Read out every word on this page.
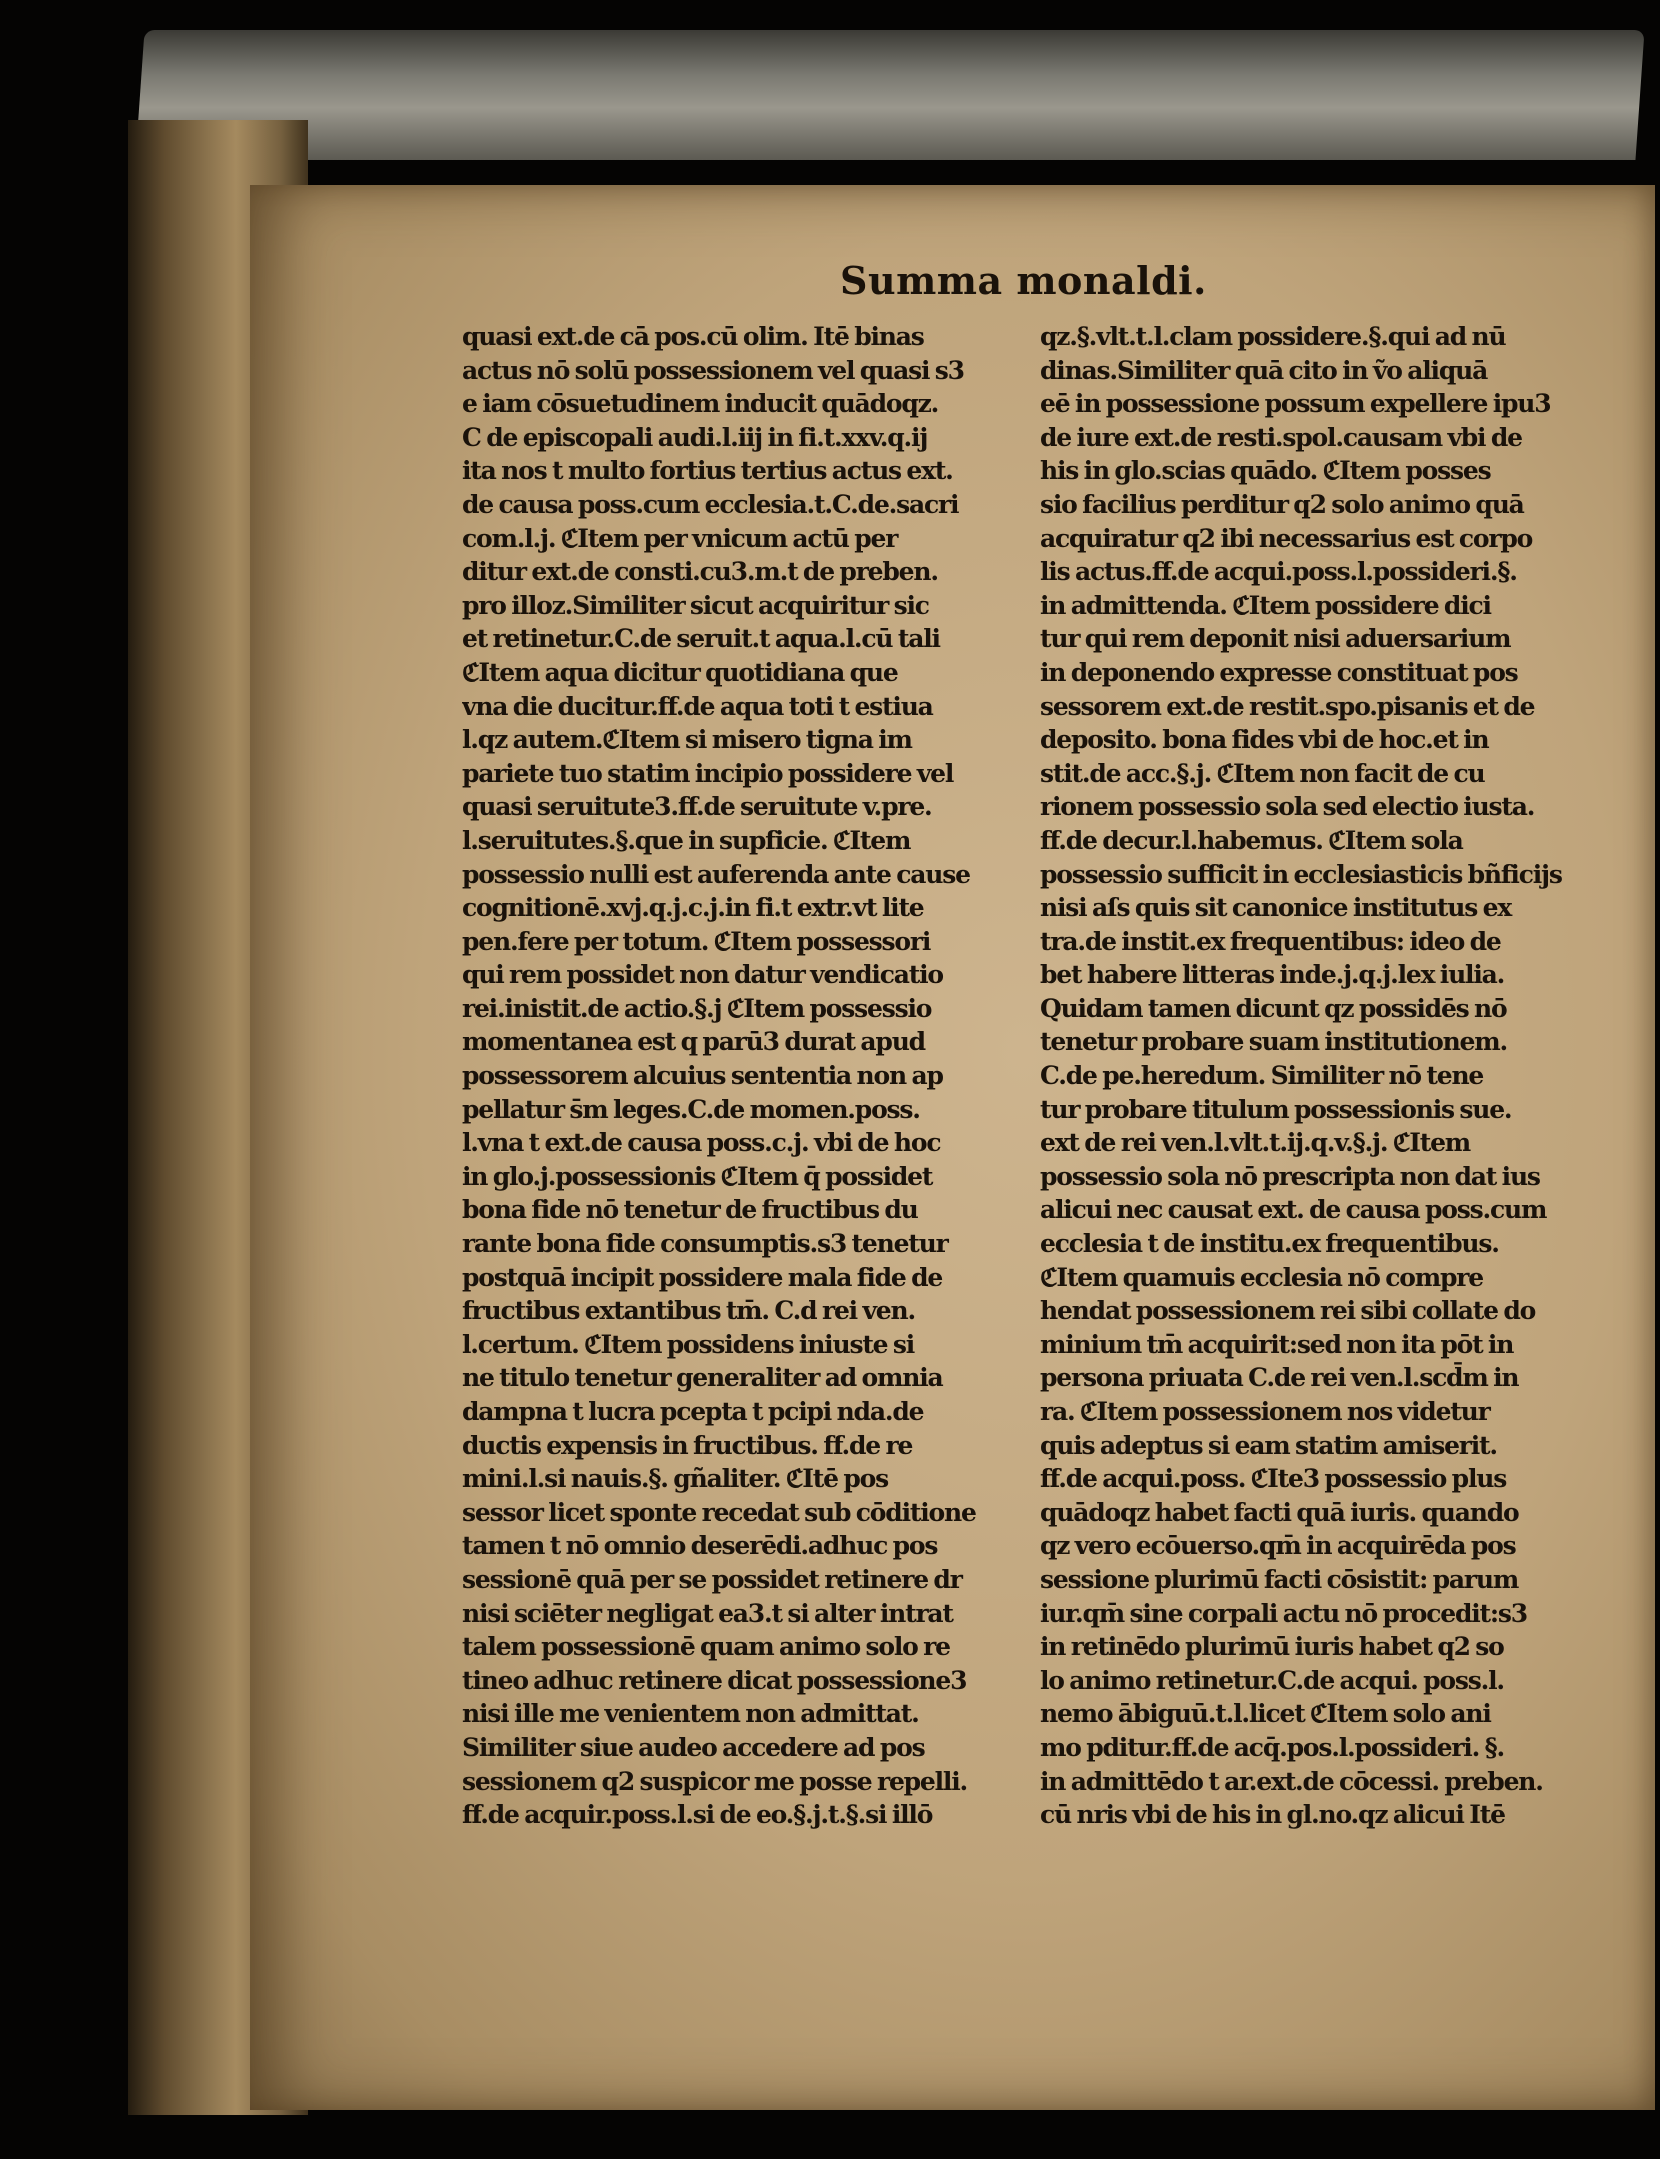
Summa monaldi.
quasi ext.de cā pos.cū olim. Itē binas
actus nō solū possessionem vel quasi s3
e iam cōsuetudinem inducit quādoqz.
C de episcopali audi.l.iij in fi.t.xxv.q.ij
ita nos t multo fortius tertius actus ext.
de causa poss.cum ecclesia.t.C.de.sacri
com.l.j. ℭItem per vnicum actū per
ditur ext.de consti.cu3.m.t de preben.
pro illoz.Similiter sicut acquiritur sic
et retinetur.C.de seruit.t aqua.l.cū tali
ℭItem aqua dicitur quotidiana que
vna die ducitur.ff.de aqua toti t estiua
l.qz autem.ℭItem si misero tigna im
pariete tuo statim incipio possidere vel
quasi seruitute3.ff.de seruitute v.pre.
l.seruitutes.§.que in supficie. ℭItem
possessio nulli est auferenda ante cause
cognitionē.xvj.q.j.c.j.in fi.t extr.vt lite
pen.fere per totum. ℭItem possessori
qui rem possidet non datur vendicatio
rei.inistit.de actio.§.j ℭItem possessio
momentanea est q parū3 durat apud
possessorem alcuius sententia non ap
pellatur s̄m leges.C.de momen.poss.
l.vna t ext.de causa poss.c.j. vbi de hoc
in glo.j.possessionis ℭItem q̄ possidet
bona fide nō tenetur de fructibus du
rante bona fide consumptis.s3 tenetur
postquā incipit possidere mala fide de
fructibus extantibus tm̄. C.d rei ven.
l.certum. ℭItem possidens iniuste si
ne titulo tenetur generaliter ad omnia
dampna t lucra pcepta t pcipi nda.de
ductis expensis in fructibus. ff.de re
mini.l.si nauis.§. gñaliter. ℭItē pos
sessor licet sponte recedat sub cōditione
tamen t nō omnio deserēdi.adhuc pos
sessionē quā per se possidet retinere dr
nisi sciēter negligat ea3.t si alter intrat
talem possessionē quam animo solo re
tineo adhuc retinere dicat possessione3
nisi ille me venientem non admittat.
Similiter siue audeo accedere ad pos
sessionem q2 suspicor me posse repelli.
ff.de acquir.poss.l.si de eo.§.j.t.§.si illō
qz.§.vlt.t.l.clam possidere.§.qui ad nū
dinas.Similiter quā cito in ṽo aliquā
eē in possessione possum expellere ipu3
de iure ext.de resti.spol.causam vbi de
his in glo.scias quādo. ℭItem posses
sio facilius perditur q2 solo animo quā
acquiratur q2 ibi necessarius est corpo
lis actus.ff.de acqui.poss.l.possideri.§.
in admittenda. ℭItem possidere dici
tur qui rem deponit nisi aduersarium
in deponendo expresse constituat pos
sessorem ext.de restit.spo.pisanis et de
deposito. bona fides vbi de hoc.et in
stit.de acc.§.j. ℭItem non facit de cu
rionem possessio sola sed electio iusta.
ff.de decur.l.habemus. ℭItem sola
possessio sufficit in ecclesiasticis bñficijs
nisi aſs quis sit canonice institutus ex
tra.de instit.ex frequentibus: ideo de
bet habere litteras inde.j.q.j.lex iulia.
Quidam tamen dicunt qz possidēs nō
tenetur probare suam institutionem.
C.de pe.heredum. Similiter nō tene
tur probare titulum possessionis sue.
ext de rei ven.l.vlt.t.ij.q.v.§.j. ℭItem
possessio sola nō prescripta non dat ius
alicui nec causat ext. de causa poss.cum
ecclesia t de institu.ex frequentibus.
ℭItem quamuis ecclesia nō compre
hendat possessionem rei sibi collate do
minium tm̄ acquirit:sed non ita pōt in
persona priuata C.de rei ven.l.scd̄m in
ra. ℭItem possessionem nos videtur
quis adeptus si eam statim amiserit.
ff.de acqui.poss. ℭIte3 possessio plus
quādoqz habet facti quā iuris. quando
qz vero ecōuerso.qm̄ in acquirēda pos
sessione plurimū facti cōsistit: parum
iur.qm̄ sine corpali actu nō procedit:s3
in retinēdo plurimū iuris habet q2 so
lo animo retinetur.C.de acqui. poss.l.
nemo ābiguū.t.l.licet ℭItem solo ani
mo pditur.ff.de acq̄.pos.l.possideri. §.
in admittēdo t ar.ext.de cōcessi. preben.
cū nris vbi de his in gl.no.qz alicui Itē
